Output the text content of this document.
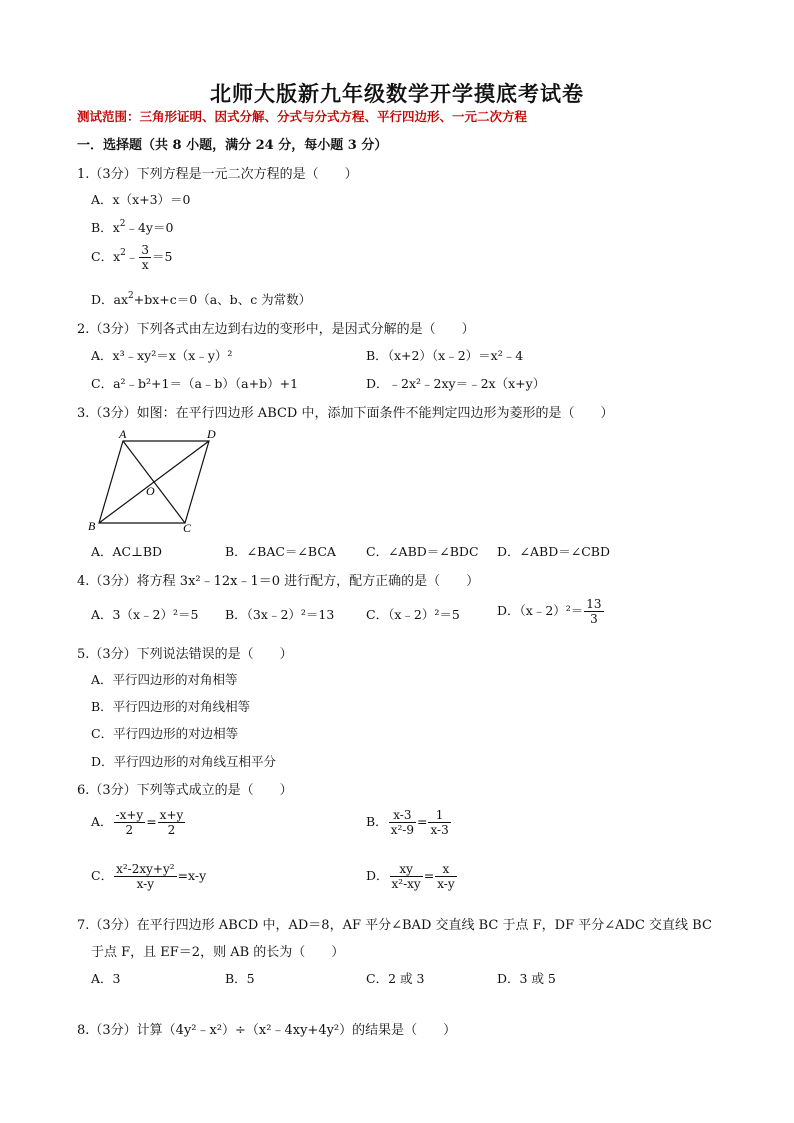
北师大版新九年级数学开学摸底考试卷
测试范围：三角形证明、因式分解、分式与分式方程、平行四边形、一元二次方程
一．选择题（共 8 小题，满分 24 分，每小题 3 分）
1.（3分）下列方程是一元二次方程的是（　　）
A．x（x+3）＝0
B．$x^2﹣4y=0$
C．$x^2﹣ \frac{3}{x} =5$
D．$ax^2+bx+c=0(a$、b、c 为常数）
2.（3分）下列各式由左边到右边的变形中，是因式分解的是（　　）
A．x³﹣xy²＝x（x﹣y）²	B．（x+2）（x﹣2）＝x²﹣4
C．a²﹣b²+1＝（a﹣b）（a+b）+1	D．﹣2x²﹣2xy＝﹣2x（x+y）
3.（3分）如图：在平行四边形 ABCD 中，添加下面条件不能判定四边形为菱形的是（　　）
A	D
B	C
O
A．AC⊥BD	B．∠BAC＝∠BCA C．∠ABD＝∠BDC D．∠ABD＝∠CBD
4.（3分）将方程 3x²﹣12x﹣1＝0 进行配方，配方正确的是（　　）
A．3（x﹣2）²＝5 B．（3x﹣2）²＝13	C．（x﹣2）²＝5	D．（x﹣2）²＝ $\frac{13}{3}$
5.（3分）下列说法错误的是（　　）
A．平行四边形的对角相等
B．平行四边形的对角线相等
C．平行四边形的对边相等
D．平行四边形的对角线互相平分
6.（3分）下列等式成立的是（　　）
A． $\frac{-x+y}{2} = \frac{x+y}{2}$	B． $\frac{x-3}{\text{x²-9}} = \frac{1}{x-3}$
C． $\frac{\text{x²-2xy+y²}}{x-y} =x-y$	D． $\frac{xy}{\text{x²-xy}} = \frac{x}{x-y}$
7.（3分）在平行四边形 ABCD 中，AD＝8，AF 平分∠BAD 交直线 BC 于点 F，DF 平分∠ADC 交直线 BC
于点 F，且 EF＝2，则 AB 的长为（　　）
A．3	B．5	C．2 或 3	D．3 或 5
8.（3分）计算（4y²﹣x²）÷（x²﹣4xy+4y²）的结果是（　　）
